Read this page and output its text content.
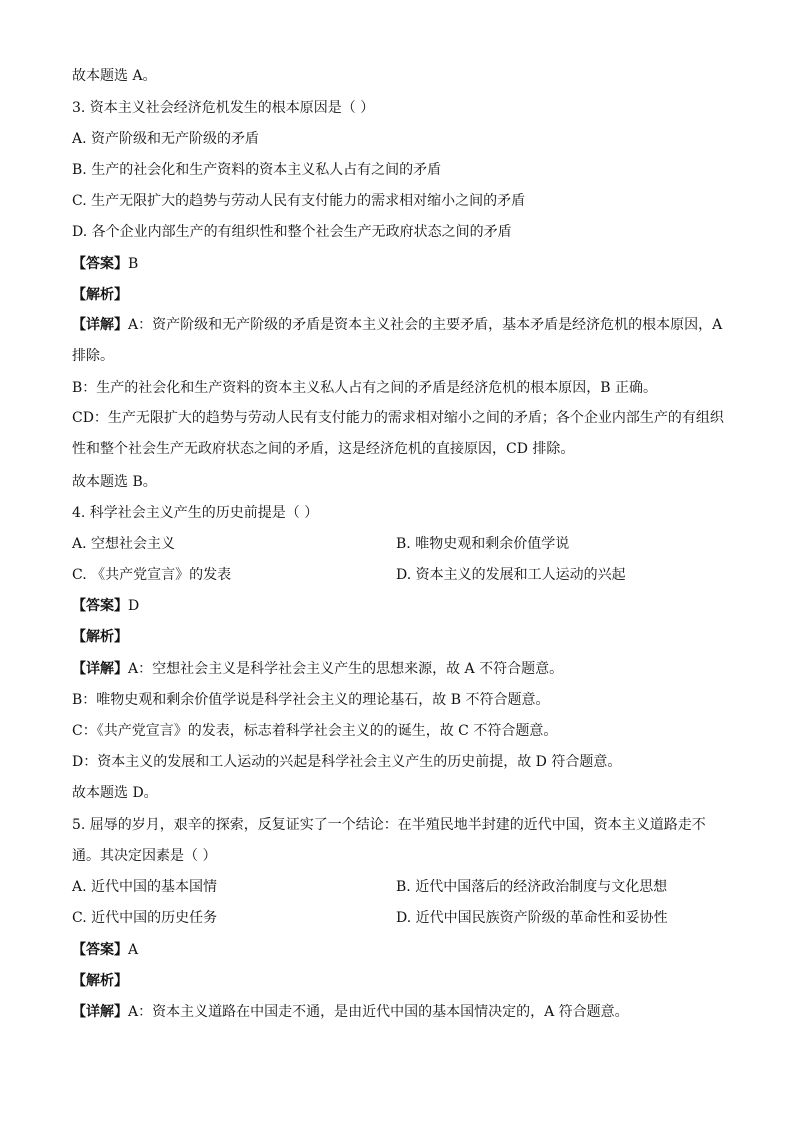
故本题选 A。
3. 资本主义社会经济危机发生的根本原因是（ ）
A. 资产阶级和无产阶级的矛盾
B. 生产的社会化和生产资料的资本主义私人占有之间的矛盾
C. 生产无限扩大的趋势与劳动人民有支付能力的需求相对缩小之间的矛盾
D. 各个企业内部生产的有组织性和整个社会生产无政府状态之间的矛盾
【答案】B
【解析】
【详解】A：资产阶级和无产阶级的矛盾是资本主义社会的主要矛盾，基本矛盾是经济危机的根本原因，A 排除。
B：生产的社会化和生产资料的资本主义私人占有之间的矛盾是经济危机的根本原因，B 正确。
CD：生产无限扩大的趋势与劳动人民有支付能力的需求相对缩小之间的矛盾；各个企业内部生产的有组织性和整个社会生产无政府状态之间的矛盾，这是经济危机的直接原因，CD 排除。
故本题选 B。
4. 科学社会主义产生的历史前提是（ ）
A. 空想社会主义	B. 唯物史观和剩余价值学说
C. 《共产党宣言》的发表	D. 资本主义的发展和工人运动的兴起
【答案】D
【解析】
【详解】A：空想社会主义是科学社会主义产生的思想来源，故 A 不符合题意。
B：唯物史观和剩余价值学说是科学社会主义的理论基石，故 B 不符合题意。
C：《共产党宣言》的发表，标志着科学社会主义的的诞生，故 C 不符合题意。
D：资本主义的发展和工人运动的兴起是科学社会主义产生的历史前提，故 D 符合题意。
故本题选 D。
5. 屈辱的岁月，艰辛的探索，反复证实了一个结论：在半殖民地半封建的近代中国，资本主义道路走不通。其决定因素是（ ）
A. 近代中国的基本国情	B. 近代中国落后的经济政治制度与文化思想
C. 近代中国的历史任务	D. 近代中国民族资产阶级的革命性和妥协性
【答案】A
【解析】
【详解】A：资本主义道路在中国走不通，是由近代中国的基本国情决定的，A 符合题意。
